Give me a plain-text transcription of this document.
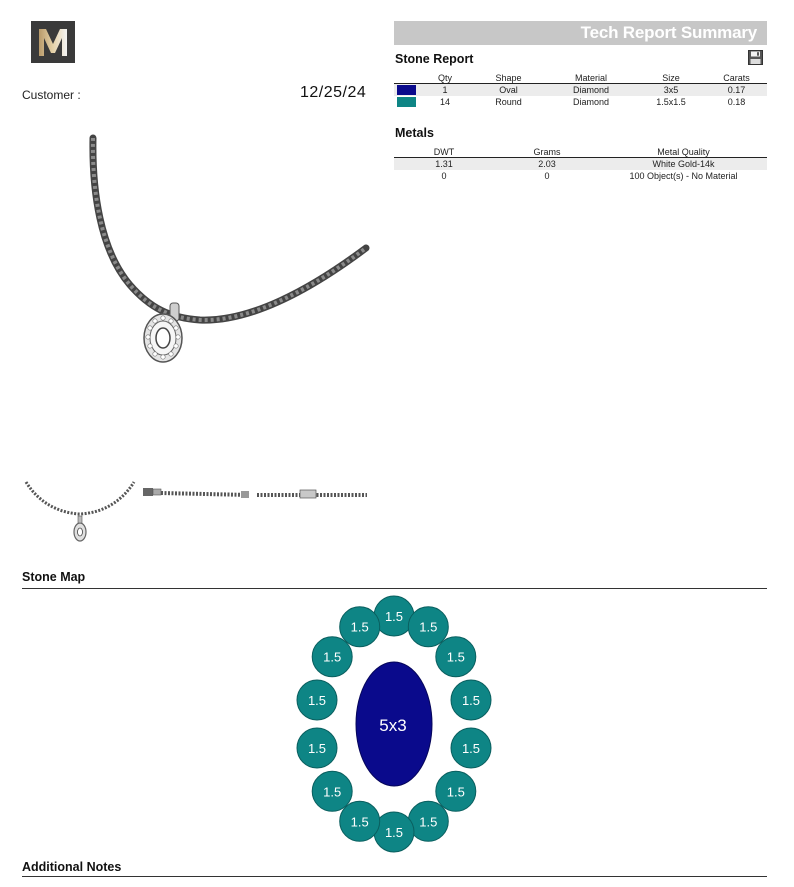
Customer :	12/25/24
Tech Report Summary
Stone Report
	Qty	Shape	Material	Size	Carats
	1	Oval	Diamond	3x5	0.17
	14	Round	Diamond	1.5x1.5	0.18
Metals
DWT	Grams	Metal Quality
1.31	2.03	White Gold-14k
0	0	100 Object(s) - No Material
Stone Map
5x3
1.5
1.5
1.5
1.5
1.5
1.5
1.5
1.5
1.5
1.5
1.5
1.5
1.5
1.5
Additional Notes
